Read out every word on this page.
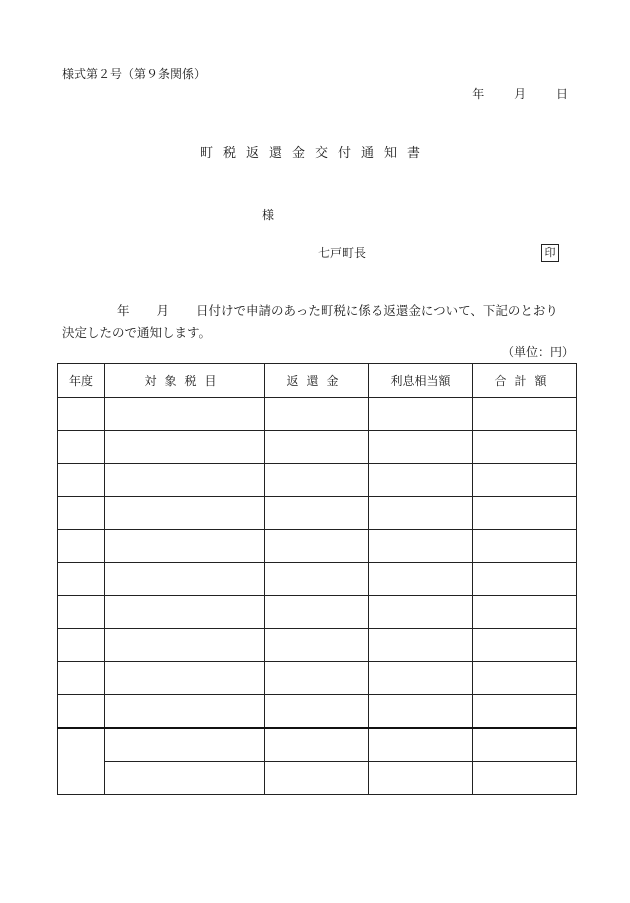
様式第２号（第９条関係）
年 月 日
町税返還金交付通知書
様
七戸町長	印
年 月 日付けで申請のあった町税に係る返還金について、下記のとおり
決定したので通知します。
（単位：円）
年度	対象税目	返還金	利息相当額	合計額
